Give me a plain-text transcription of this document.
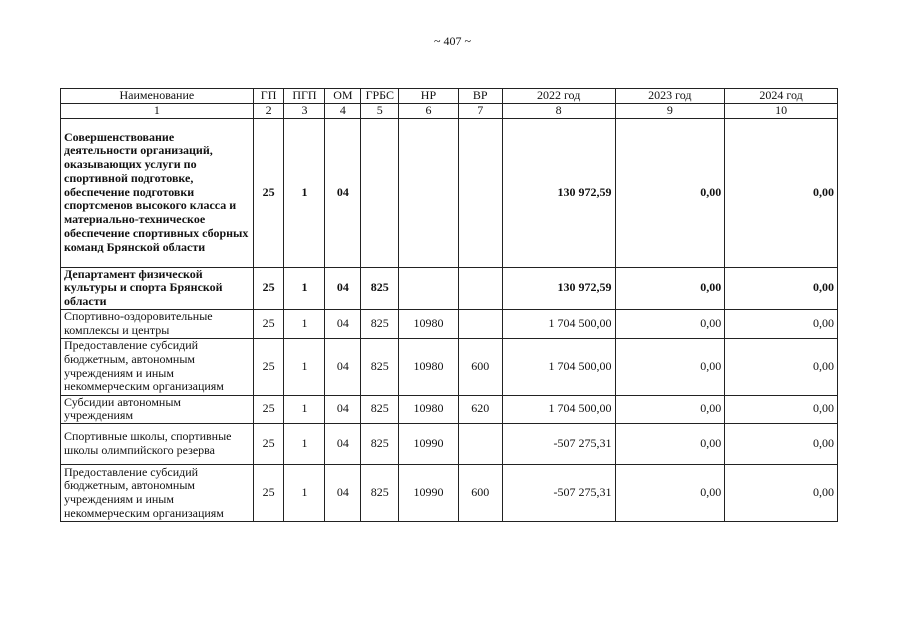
~ 407 ~
Наименование	ГП	ПГП	ОМ	ГРБС	НР	ВР	2022 год	2023 год	2024 год
1	2	3	4	5	6	7	8	9	10
Совершенствование деятельности организаций, оказывающих услуги по спортивной подготовке, обеспечение подготовки спортсменов высокого класса и материально-техническое обеспечение спортивных сборных команд Брянской области	25	1	04				130 972,59	0,00	0,00
Департамент физической культуры и спорта Брянской области	25	1	04	825			130 972,59	0,00	0,00
Спортивно-оздоровительные комплексы и центры	25	1	04	825	10980		1 704 500,00	0,00	0,00
Предоставление субсидий бюджетным, автономным учреждениям и иным некоммерческим организациям	25	1	04	825	10980	600	1 704 500,00	0,00	0,00
Субсидии автономным учреждениям	25	1	04	825	10980	620	1 704 500,00	0,00	0,00
Спортивные школы, спортивные школы олимпийского резерва	25	1	04	825	10990		-507 275,31	0,00	0,00
Предоставление субсидий бюджетным, автономным учреждениям и иным некоммерческим организациям	25	1	04	825	10990	600	-507 275,31	0,00	0,00
